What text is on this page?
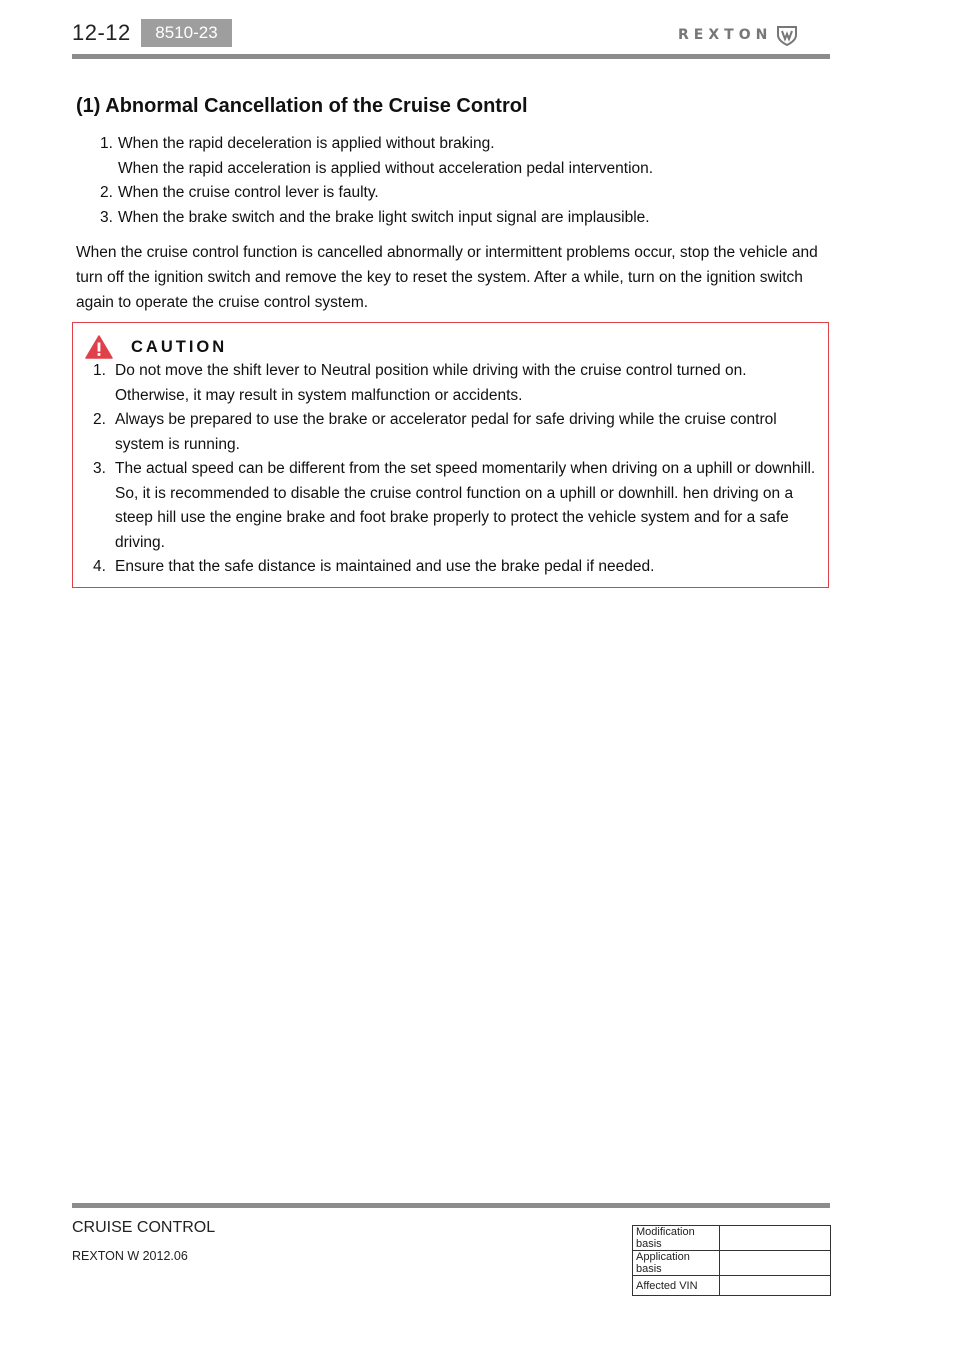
12-12	8510-23	REXTON
(1) Abnormal Cancellation of the Cruise Control
1. When the rapid deceleration is applied without braking.
When the rapid acceleration is applied without acceleration pedal intervention.
2. When the cruise control lever is faulty.
3. When the brake switch and the brake light switch input signal are implausible.

When the cruise control function is cancelled abnormally or intermittent problems occur, stop the vehicle and turn off the ignition switch and remove the key to reset the system. After a while, turn on the ignition switch again to operate the cruise control system.

CAUTION
1. Do not move the shift lever to Neutral position while driving with the cruise control turned on. Otherwise, it may result in system malfunction or accidents.
2. Always be prepared to use the brake or accelerator pedal for safe driving while the cruise control system is running.
3. The actual speed can be different from the set speed momentarily when driving on a uphill or downhill. So, it is recommended to disable the cruise control function on a uphill or downhill. hen driving on a steep hill use the engine brake and foot brake properly to protect the vehicle system and for a safe driving.
4. Ensure that the safe distance is maintained and use the brake pedal if needed.
CRUISE CONTROL
REXTON W 2012.06
Modification basis	
Application basis	
Affected VIN	
